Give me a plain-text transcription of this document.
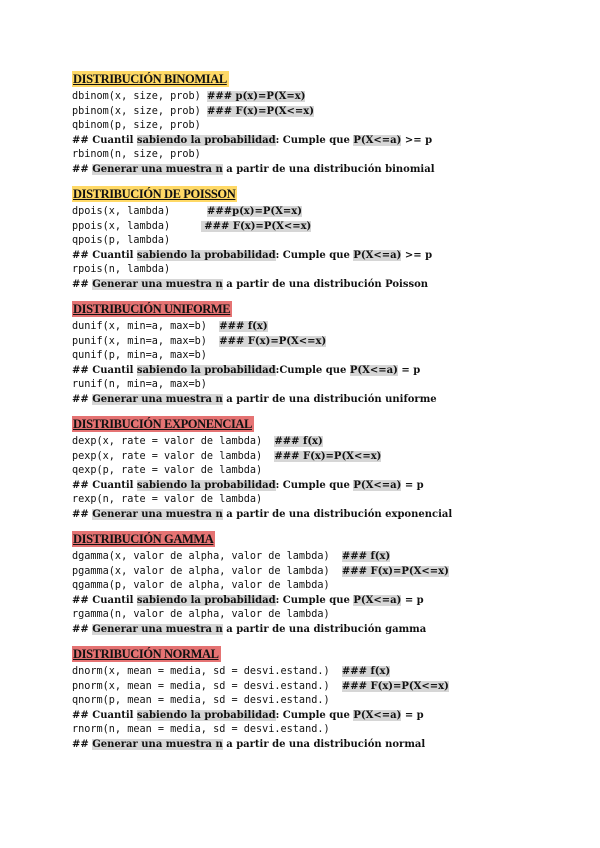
DISTRIBUCIÓN BINOMIAL
dbinom(x, size, prob) ### p(x)=P(X=x)
pbinom(x, size, prob) ### F(x)=P(X<=x)
qbinom(p, size, prob)
## Cuantil sabiendo la probabilidad: Cumple que P(X<=a) >= p
rbinom(n, size, prob)
## Generar una muestra n a partir de una distribución binomial
DISTRIBUCIÓN DE POISSON
dpois(x, lambda)      ###p(x)=P(X=x)
ppois(x, lambda)      ### F(x)=P(X<=x)
qpois(p, lambda)
## Cuantil sabiendo la probabilidad: Cumple que P(X<=a) >= p
rpois(n, lambda)
## Generar una muestra n a partir de una distribución Poisson
DISTRIBUCIÓN UNIFORME
dunif(x, min=a, max=b)  ### f(x)
punif(x, min=a, max=b)  ### F(x)=P(X<=x)
qunif(p, min=a, max=b)
## Cuantil sabiendo la probabilidad:Cumple que P(X<=a) = p
runif(n, min=a, max=b)
## Generar una muestra n a partir de una distribución uniforme
DISTRIBUCIÓN EXPONENCIAL
dexp(x, rate = valor de lambda)  ### f(x)
pexp(x, rate = valor de lambda)  ### F(x)=P(X<=x)
qexp(p, rate = valor de lambda)
## Cuantil sabiendo la probabilidad: Cumple que P(X<=a) = p
rexp(n, rate = valor de lambda)
## Generar una muestra n a partir de una distribución exponencial
DISTRIBUCIÓN GAMMA
dgamma(x, valor de alpha, valor de lambda)  ### f(x)
pgamma(x, valor de alpha, valor de lambda)  ### F(x)=P(X<=x)
qgamma(p, valor de alpha, valor de lambda)
## Cuantil sabiendo la probabilidad: Cumple que P(X<=a) = p
rgamma(n, valor de alpha, valor de lambda)
## Generar una muestra n a partir de una distribución gamma
DISTRIBUCIÓN NORMAL
dnorm(x, mean = media, sd = desvi.estand.)  ### f(x)
pnorm(x, mean = media, sd = desvi.estand.)  ### F(x)=P(X<=x)
qnorm(p, mean = media, sd = desvi.estand.)
## Cuantil sabiendo la probabilidad: Cumple que P(X<=a) = p
rnorm(n, mean = media, sd = desvi.estand.)
## Generar una muestra n a partir de una distribución normal
